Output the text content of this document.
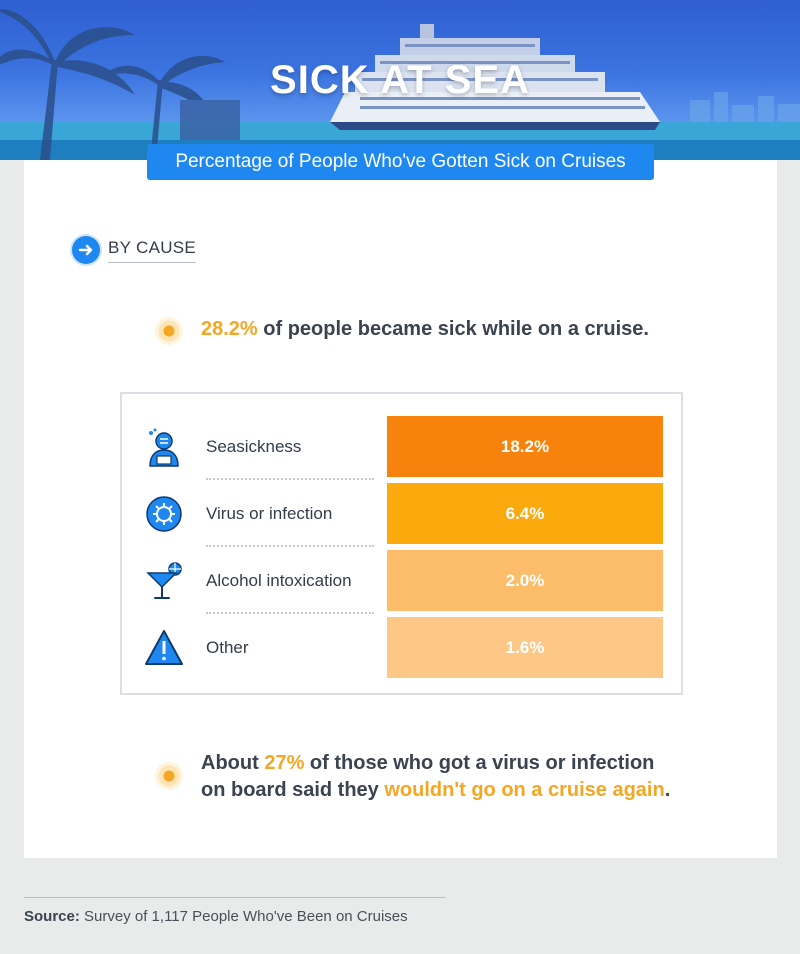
SICK AT SEA
Percentage of People Who've Gotten Sick on Cruises
BY CAUSE
28.2% of people became sick while on a cruise.
Seasickness	18.2%
Virus or infection	6.4%
Alcohol intoxication	2.0%
Other	1.6%
About 27% of those who got a virus or infection on board said they wouldn't go on a cruise again.
Source: Survey of 1,117 People Who've Been on Cruises
